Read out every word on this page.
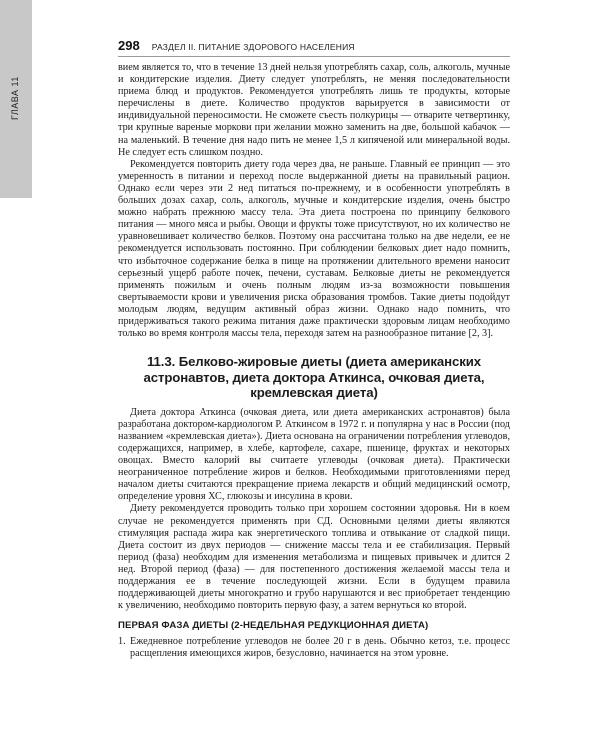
ГЛАВА 11
298 РАЗДЕЛ II. ПИТАНИЕ ЗДОРОВОГО НАСЕЛЕНИЯ

вием является то, что в течение 13 дней нельзя употреблять сахар, соль, алкоголь, мучные и кондитерские изделия. Диету следует употреблять, не меняя последовательности приема блюд и продуктов. Рекомендуется употреблять лишь те продукты, которые перечислены в диете. Количество продуктов варьируется в зависимости от индивидуальной переносимости. Не сможете съесть полкурицы — отварите четвертинку, три крупные вареные моркови при желании можно заменить на две, большой кабачок — на маленький. В течение дня надо пить не менее 1,5 л кипяченой или минеральной воды. Не следует есть слишком поздно.

Рекомендуется повторить диету года через два, не раньше. Главный ее принцип — это умеренность в питании и переход после выдержанной диеты на правильный рацион. Однако если через эти 2 нед питаться по-прежнему, и в особенности употреблять в больших дозах сахар, соль, алкоголь, мучные и кондитерские изделия, очень быстро можно набрать прежнюю массу тела. Эта диета построена по принципу белкового питания — много мяса и рыбы. Овощи и фрукты тоже присутствуют, но их количество не уравновешивает количество белков. Поэтому она рассчитана только на две недели, ее не рекомендуется использовать постоянно. При соблюдении белковых диет надо помнить, что избыточное содержание белка в пище на протяжении длительного времени наносит серьезный ущерб работе почек, печени, суставам. Белковые диеты не рекомендуется применять пожилым и очень полным людям из-за возможности повышения свертываемости крови и увеличения риска образования тромбов. Такие диеты подойдут молодым людям, ведущим активный образ жизни. Однако надо помнить, что придерживаться такого режима питания даже практически здоровым лицам необходимо только во время контроля массы тела, переходя затем на разнообразное питание [2, 3].

11.3. Белково-жировые диеты (диета американских астронавтов, диета доктора Аткинса, очковая диета, кремлевская диета)

Диета доктора Аткинса (очковая диета, или диета американских астронавтов) была разработана доктором-кардиологом Р. Аткинсом в 1972 г. и популярна у нас в России (под названием «кремлевская диета»). Диета основана на ограничении потребления углеводов, содержащихся, например, в хлебе, картофеле, сахаре, пшенице, фруктах и некоторых овощах. Вместо калорий вы считаете углеводы (очковая диета). Практически неограниченное потребление жиров и белков. Необходимыми приготовлениями перед началом диеты считаются прекращение приема лекарств и общий медицинский осмотр, определение уровня ХС, глюкозы и инсулина в крови.

Диету рекомендуется проводить только при хорошем состоянии здоровья. Ни в коем случае не рекомендуется применять при СД. Основными целями диеты являются стимуляция распада жира как энергетического топлива и отвыкание от сладкой пищи. Диета состоит из двух периодов — снижение массы тела и ее стабилизация. Первый период (фаза) необходим для изменения метаболизма и пищевых привычек и длится 2 нед. Второй период (фаза) — для постепенного достижения желаемой массы тела и поддержания ее в течение последующей жизни. Если в будущем правила поддерживающей диеты многократно и грубо нарушаются и вес приобретает тенденцию к увеличению, необходимо повторить первую фазу, а затем вернуться ко второй.

ПЕРВАЯ ФАЗА ДИЕТЫ (2-НЕДЕЛЬНАЯ РЕДУКЦИОННАЯ ДИЕТА)
1. Ежедневное потребление углеводов не более 20 г в день. Обычно кетоз, т.е. процесс расщепления имеющихся жиров, безусловно, начинается на этом уровне.
